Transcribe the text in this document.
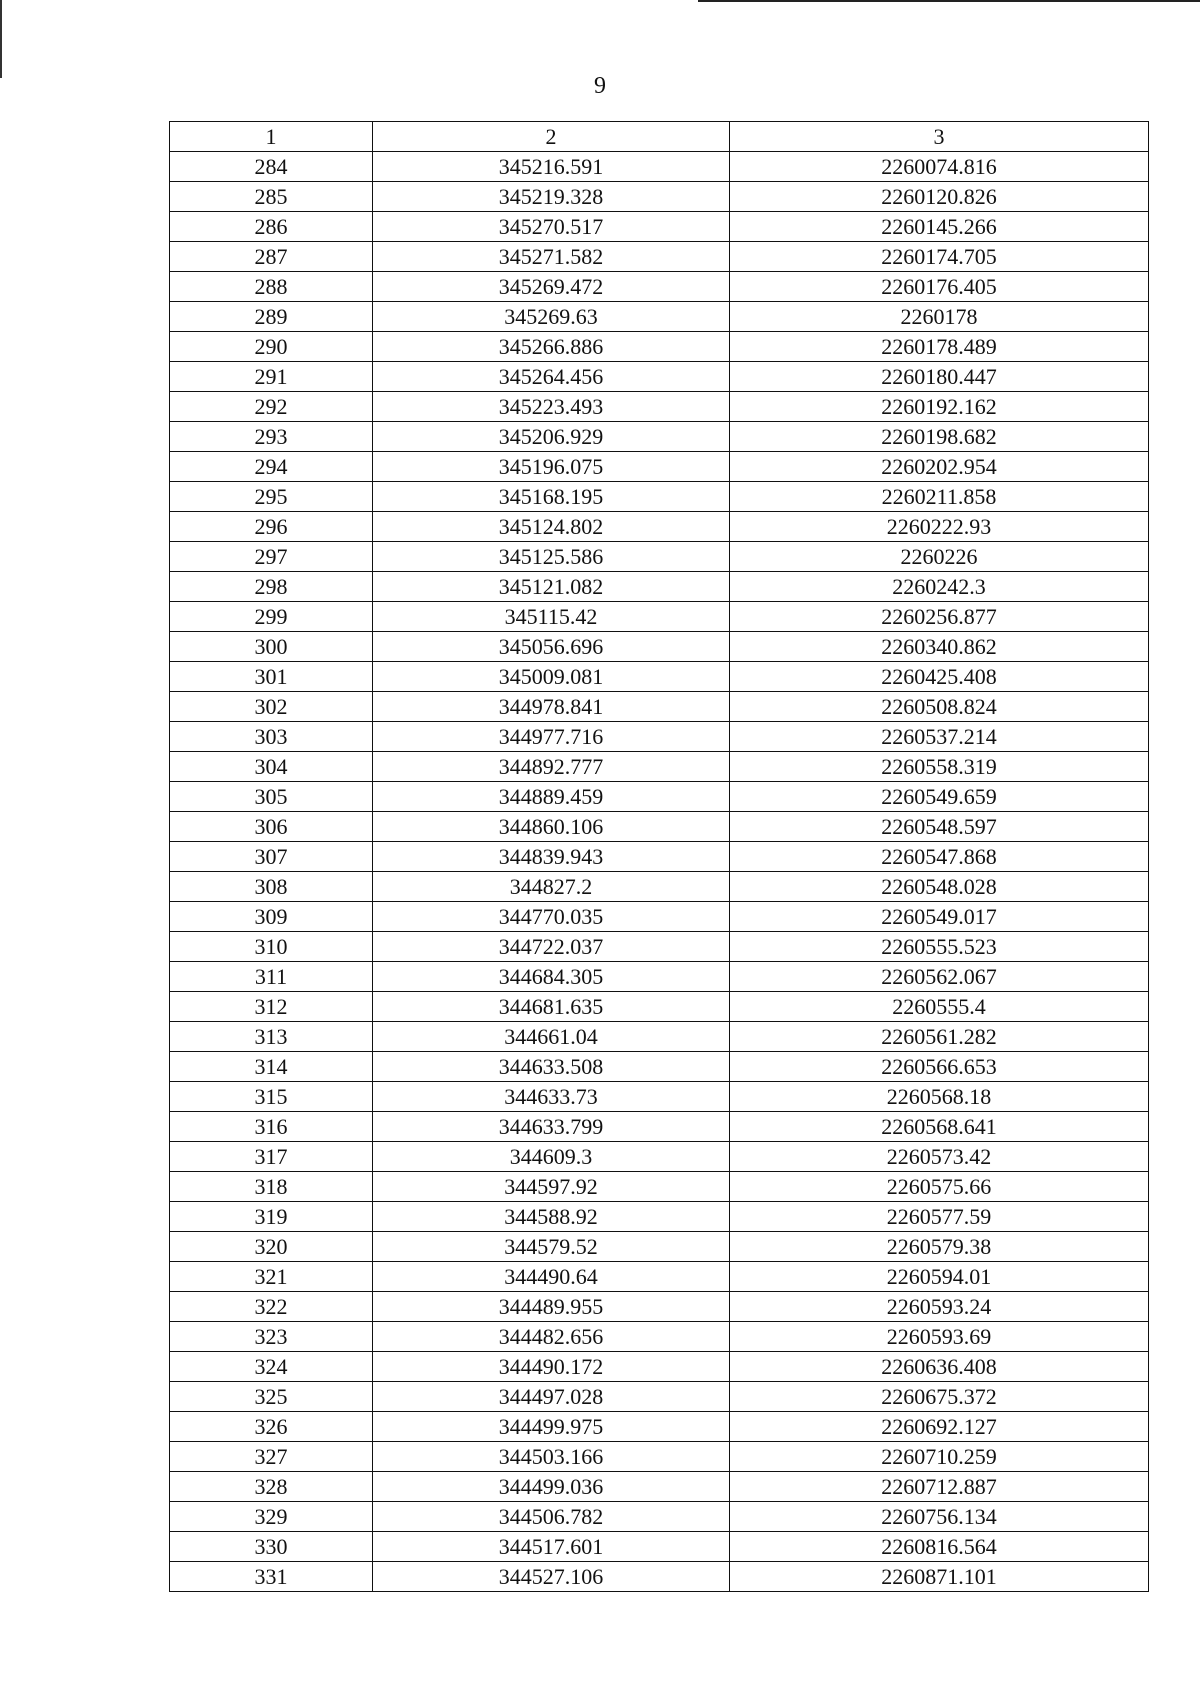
9
1	2	3
284	345216.591	2260074.816
285	345219.328	2260120.826
286	345270.517	2260145.266
287	345271.582	2260174.705
288	345269.472	2260176.405
289	345269.63	2260178
290	345266.886	2260178.489
291	345264.456	2260180.447
292	345223.493	2260192.162
293	345206.929	2260198.682
294	345196.075	2260202.954
295	345168.195	2260211.858
296	345124.802	2260222.93
297	345125.586	2260226
298	345121.082	2260242.3
299	345115.42	2260256.877
300	345056.696	2260340.862
301	345009.081	2260425.408
302	344978.841	2260508.824
303	344977.716	2260537.214
304	344892.777	2260558.319
305	344889.459	2260549.659
306	344860.106	2260548.597
307	344839.943	2260547.868
308	344827.2	2260548.028
309	344770.035	2260549.017
310	344722.037	2260555.523
311	344684.305	2260562.067
312	344681.635	2260555.4
313	344661.04	2260561.282
314	344633.508	2260566.653
315	344633.73	2260568.18
316	344633.799	2260568.641
317	344609.3	2260573.42
318	344597.92	2260575.66
319	344588.92	2260577.59
320	344579.52	2260579.38
321	344490.64	2260594.01
322	344489.955	2260593.24
323	344482.656	2260593.69
324	344490.172	2260636.408
325	344497.028	2260675.372
326	344499.975	2260692.127
327	344503.166	2260710.259
328	344499.036	2260712.887
329	344506.782	2260756.134
330	344517.601	2260816.564
331	344527.106	2260871.101
